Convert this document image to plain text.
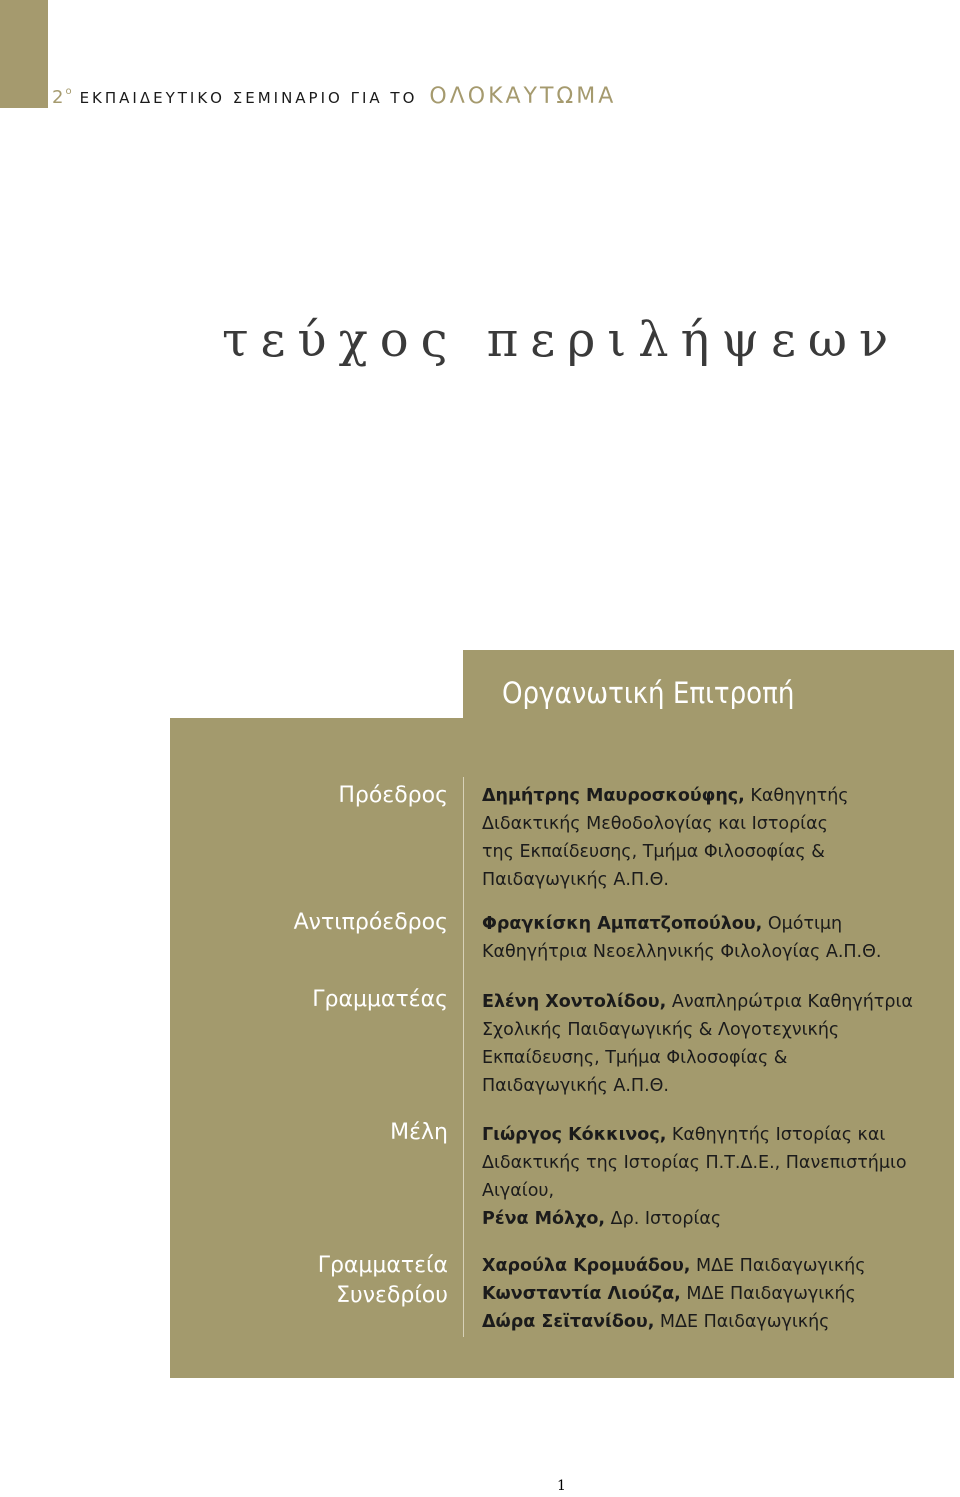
$2^o$ ΕΚΠΑΙΔΕΥΤΙΚΟ ΣΕΜΙΝΑΡΙΟ ΓΙΑ ΤΟ ΟΛΟΚΑΥΤΩΜΑ
τεύχος περιλήψεων
Οργανωτική Επιτροπή
Πρόεδρος Δημήτρης Μαυροσκούφης, Καθηγητής
Διδακτικής Μεθοδολογίας και Ιστορίας
της Εκπαίδευσης, Τμήμα Φιλοσοφίας &
Παιδαγωγικής Α.Π.Θ.
Αντιπρόεδρος Φραγκίσκη Αμπατζοπούλου, Ομότιμη
Καθηγήτρια Νεοελληνικής Φιλολογίας Α.Π.Θ.
Γραμματέας Ελένη Χοντολίδου, Αναπληρώτρια Καθηγήτρια
Σχολικής Παιδαγωγικής & Λογοτεχνικής
Εκπαίδευσης, Τμήμα Φιλοσοφίας &
Παιδαγωγικής Α.Π.Θ.
Μέλη Γιώργος Κόκκινος, Καθηγητής Ιστορίας και
Διδακτικής της Ιστορίας Π.Τ.Δ.Ε., Πανεπιστήμιο
Αιγαίου,
Ρένα Μόλχο, Δρ. Ιστορίας
Γραμματεία
Συνεδρίου
Χαρούλα Κρομυάδου, ΜΔΕ Παιδαγωγικής
Κωνσταντία Λιούζα, ΜΔΕ Παιδαγωγικής
Δώρα Σεϊτανίδου, ΜΔΕ Παιδαγωγικής
1
